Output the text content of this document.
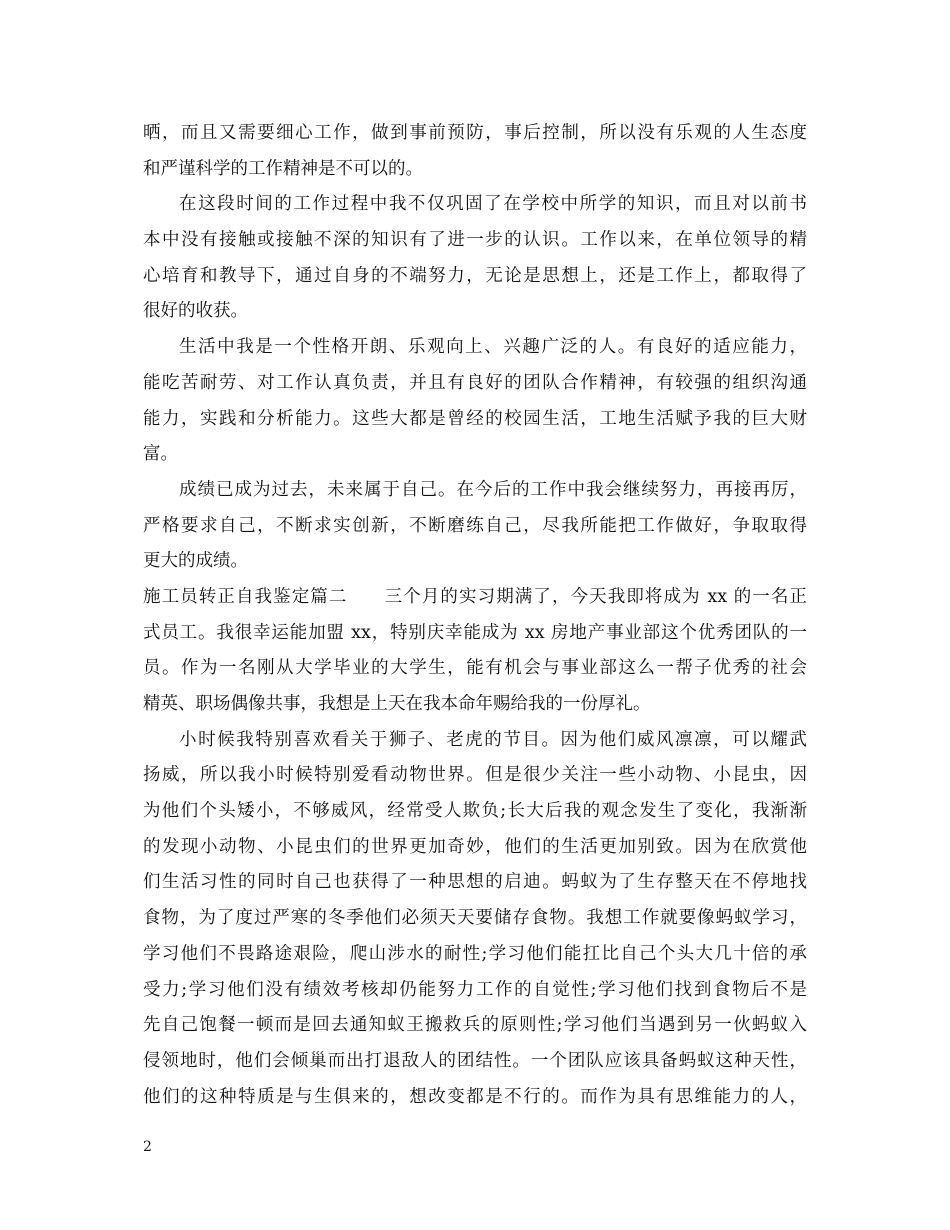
晒，而且又需要细心工作，做到事前预防，事后控制，所以没有乐观的人生态度
和严谨科学的工作精神是不可以的。
在这段时间的工作过程中我不仅巩固了在学校中所学的知识，而且对以前书
本中没有接触或接触不深的知识有了进一步的认识。工作以来，在单位领导的精
心培育和教导下，通过自身的不端努力，无论是思想上，还是工作上，都取得了
很好的收获。
生活中我是一个性格开朗、乐观向上、兴趣广泛的人。有良好的适应能力，
能吃苦耐劳、对工作认真负责，并且有良好的团队合作精神，有较强的组织沟通
能力，实践和分析能力。这些大都是曾经的校园生活，工地生活赋予我的巨大财
富。
成绩已成为过去，未来属于自己。在今后的工作中我会继续努力，再接再厉，
严格要求自己，不断求实创新，不断磨练自己，尽我所能把工作做好，争取取得
更大的成绩。
施工员转正自我鉴定篇二　　三个月的实习期满了，今天我即将成为 xx 的一名正
式员工。我很幸运能加盟 xx，特别庆幸能成为 xx 房地产事业部这个优秀团队的一
员。作为一名刚从大学毕业的大学生，能有机会与事业部这么一帮子优秀的社会
精英、职场偶像共事，我想是上天在我本命年赐给我的一份厚礼。
小时候我特别喜欢看关于狮子、老虎的节目。因为他们威风凛凛，可以耀武
扬威，所以我小时候特别爱看动物世界。但是很少关注一些小动物、小昆虫，因
为他们个头矮小，不够威风，经常受人欺负;长大后我的观念发生了变化，我渐渐
的发现小动物、小昆虫们的世界更加奇妙，他们的生活更加别致。因为在欣赏他
们生活习性的同时自己也获得了一种思想的启迪。蚂蚁为了生存整天在不停地找
食物，为了度过严寒的冬季他们必须天天要储存食物。我想工作就要像蚂蚁学习，
学习他们不畏路途艰险，爬山涉水的耐性;学习他们能扛比自己个头大几十倍的承
受力;学习他们没有绩效考核却仍能努力工作的自觉性;学习他们找到食物后不是
先自己饱餐一顿而是回去通知蚁王搬救兵的原则性;学习他们当遇到另一伙蚂蚁入
侵领地时，他们会倾巢而出打退敌人的团结性。一个团队应该具备蚂蚁这种天性，
他们的这种特质是与生俱来的，想改变都是不行的。而作为具有思维能力的人，
2
